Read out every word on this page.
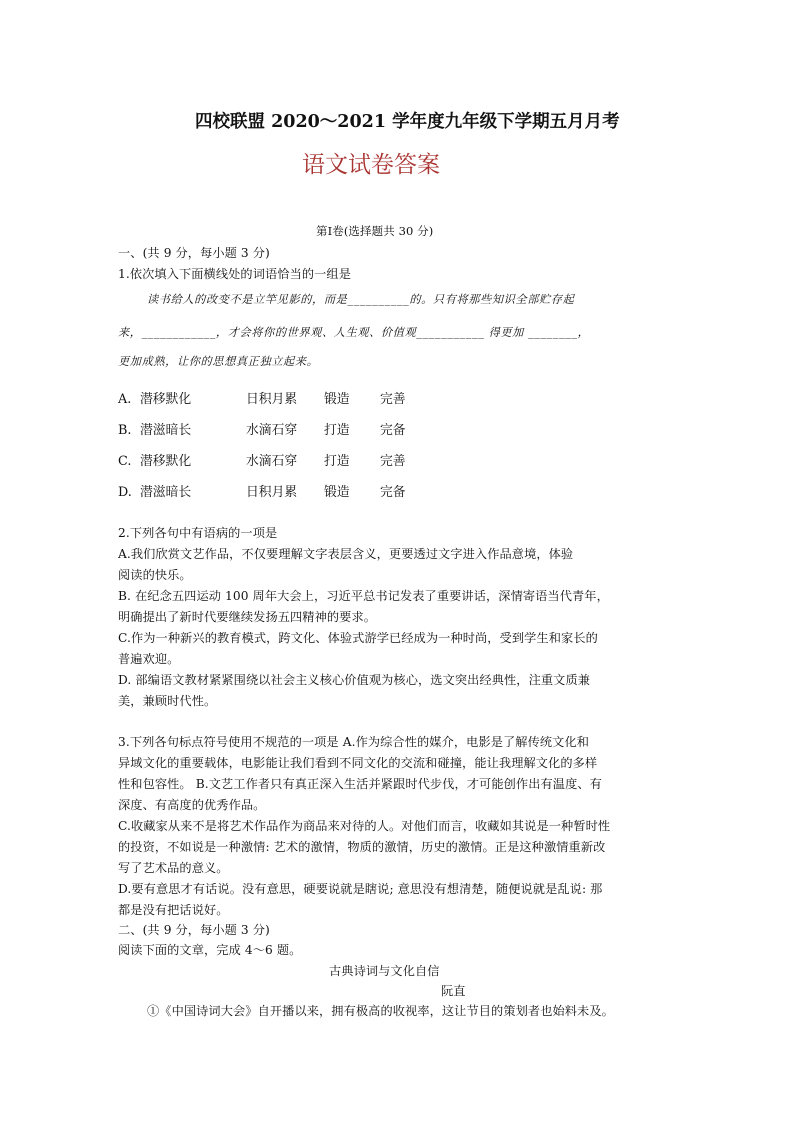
四校联盟 2020～2021 学年度九年级下学期五月月考
语文试卷答案
第Ⅰ卷(选择题共 30 分)
一、(共 9 分，每小题 3 分)
1.依次填入下面横线处的词语恰当的一组是
读书给人的改变不是立竿见影的，而是__________的。只有将那些知识全部贮存起
来，____________，才会将你的世界观、人生观、价值观___________ 得更加 ________，
更加成熟，让你的思想真正独立起来。
A. 潜移默化	日积月累 锻造 完善
B. 潜滋暗长	水滴石穿 打造 完备
C. 潜移默化	水滴石穿 打造 完善
D. 潜滋暗长	日积月累 锻造 完备
2.下列各句中有语病的一项是
A.我们欣赏文艺作品，不仅要理解文字表层含义，更要透过文字进入作品意境，体验
阅读的快乐。
B. 在纪念五四运动 100 周年大会上，习近平总书记发表了重要讲话，深情寄语当代青年，
明确提出了新时代要继续发扬五四精神的要求。
C.作为一种新兴的教育模式，跨文化、体验式游学已经成为一种时尚，受到学生和家长的
普遍欢迎。
D. 部编语文教材紧紧围绕以社会主义核心价值观为核心，选文突出经典性，注重文质兼
美，兼顾时代性。
3.下列各句标点符号使用不规范的一项是 A.作为综合性的媒介，电影是了解传统文化和
异域文化的重要载体，电影能让我们看到不同文化的交流和碰撞，能让我理解文化的多样
性和包容性。 B.文艺工作者只有真正深入生活并紧跟时代步伐，才可能创作出有温度、有
深度、有高度的优秀作品。
C.收藏家从来不是将艺术作品作为商品来对待的人。对他们而言，收藏如其说是一种暂时性
的投资，不如说是一种激情: 艺术的激情，物质的激情，历史的激情。正是这种激情重新改
写了艺术品的意义。
D.要有意思才有话说。没有意思，硬要说就是瞎说; 意思没有想清楚，随便说就是乱说: 那
都是没有把话说好。
二、(共 9 分，每小题 3 分)
阅读下面的文章，完成 4～6 题。
古典诗词与文化自信
阮直
①《中国诗词大会》自开播以来，拥有极高的收视率，这让节目的策划者也始料未及。
